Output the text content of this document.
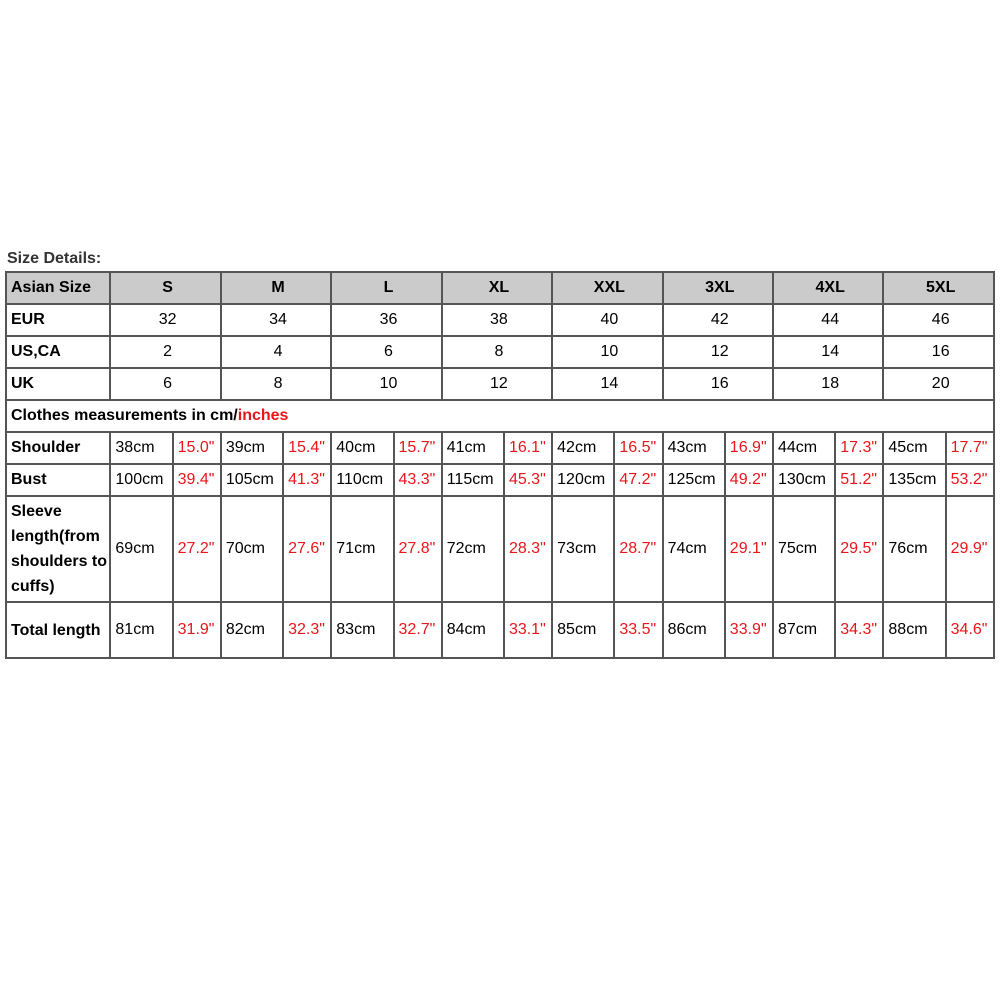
Size Details:
Asian Size	S		M		L		XL		XXL		3XL		4XL		5XL	
EUR	32		34		36		38		40		42		44		46	
US,CA	2		4		6		8		10		12		14		16	
UK	6		8		10		12		14		16		18		20	
Clothes measurements in cm/inches																
Shoulder	38cm	15.0"	39cm	15.4"	40cm	15.7"	41cm	16.1"	42cm	16.5"	43cm	16.9"	44cm	17.3"	45cm	17.7"
Bust	100cm	39.4"	105cm	41.3"	110cm	43.3"	115cm	45.3"	120cm	47.2"	125cm	49.2"	130cm	51.2"	135cm	53.2"
Sleeve length(from shoulders to cuffs)	69cm	27.2"	70cm	27.6"	71cm	27.8"	72cm	28.3"	73cm	28.7"	74cm	29.1"	75cm	29.5"	76cm	29.9"
Total length	81cm	31.9"	82cm	32.3"	83cm	32.7"	84cm	33.1"	85cm	33.5"	86cm	33.9"	87cm	34.3"	88cm	34.6"
